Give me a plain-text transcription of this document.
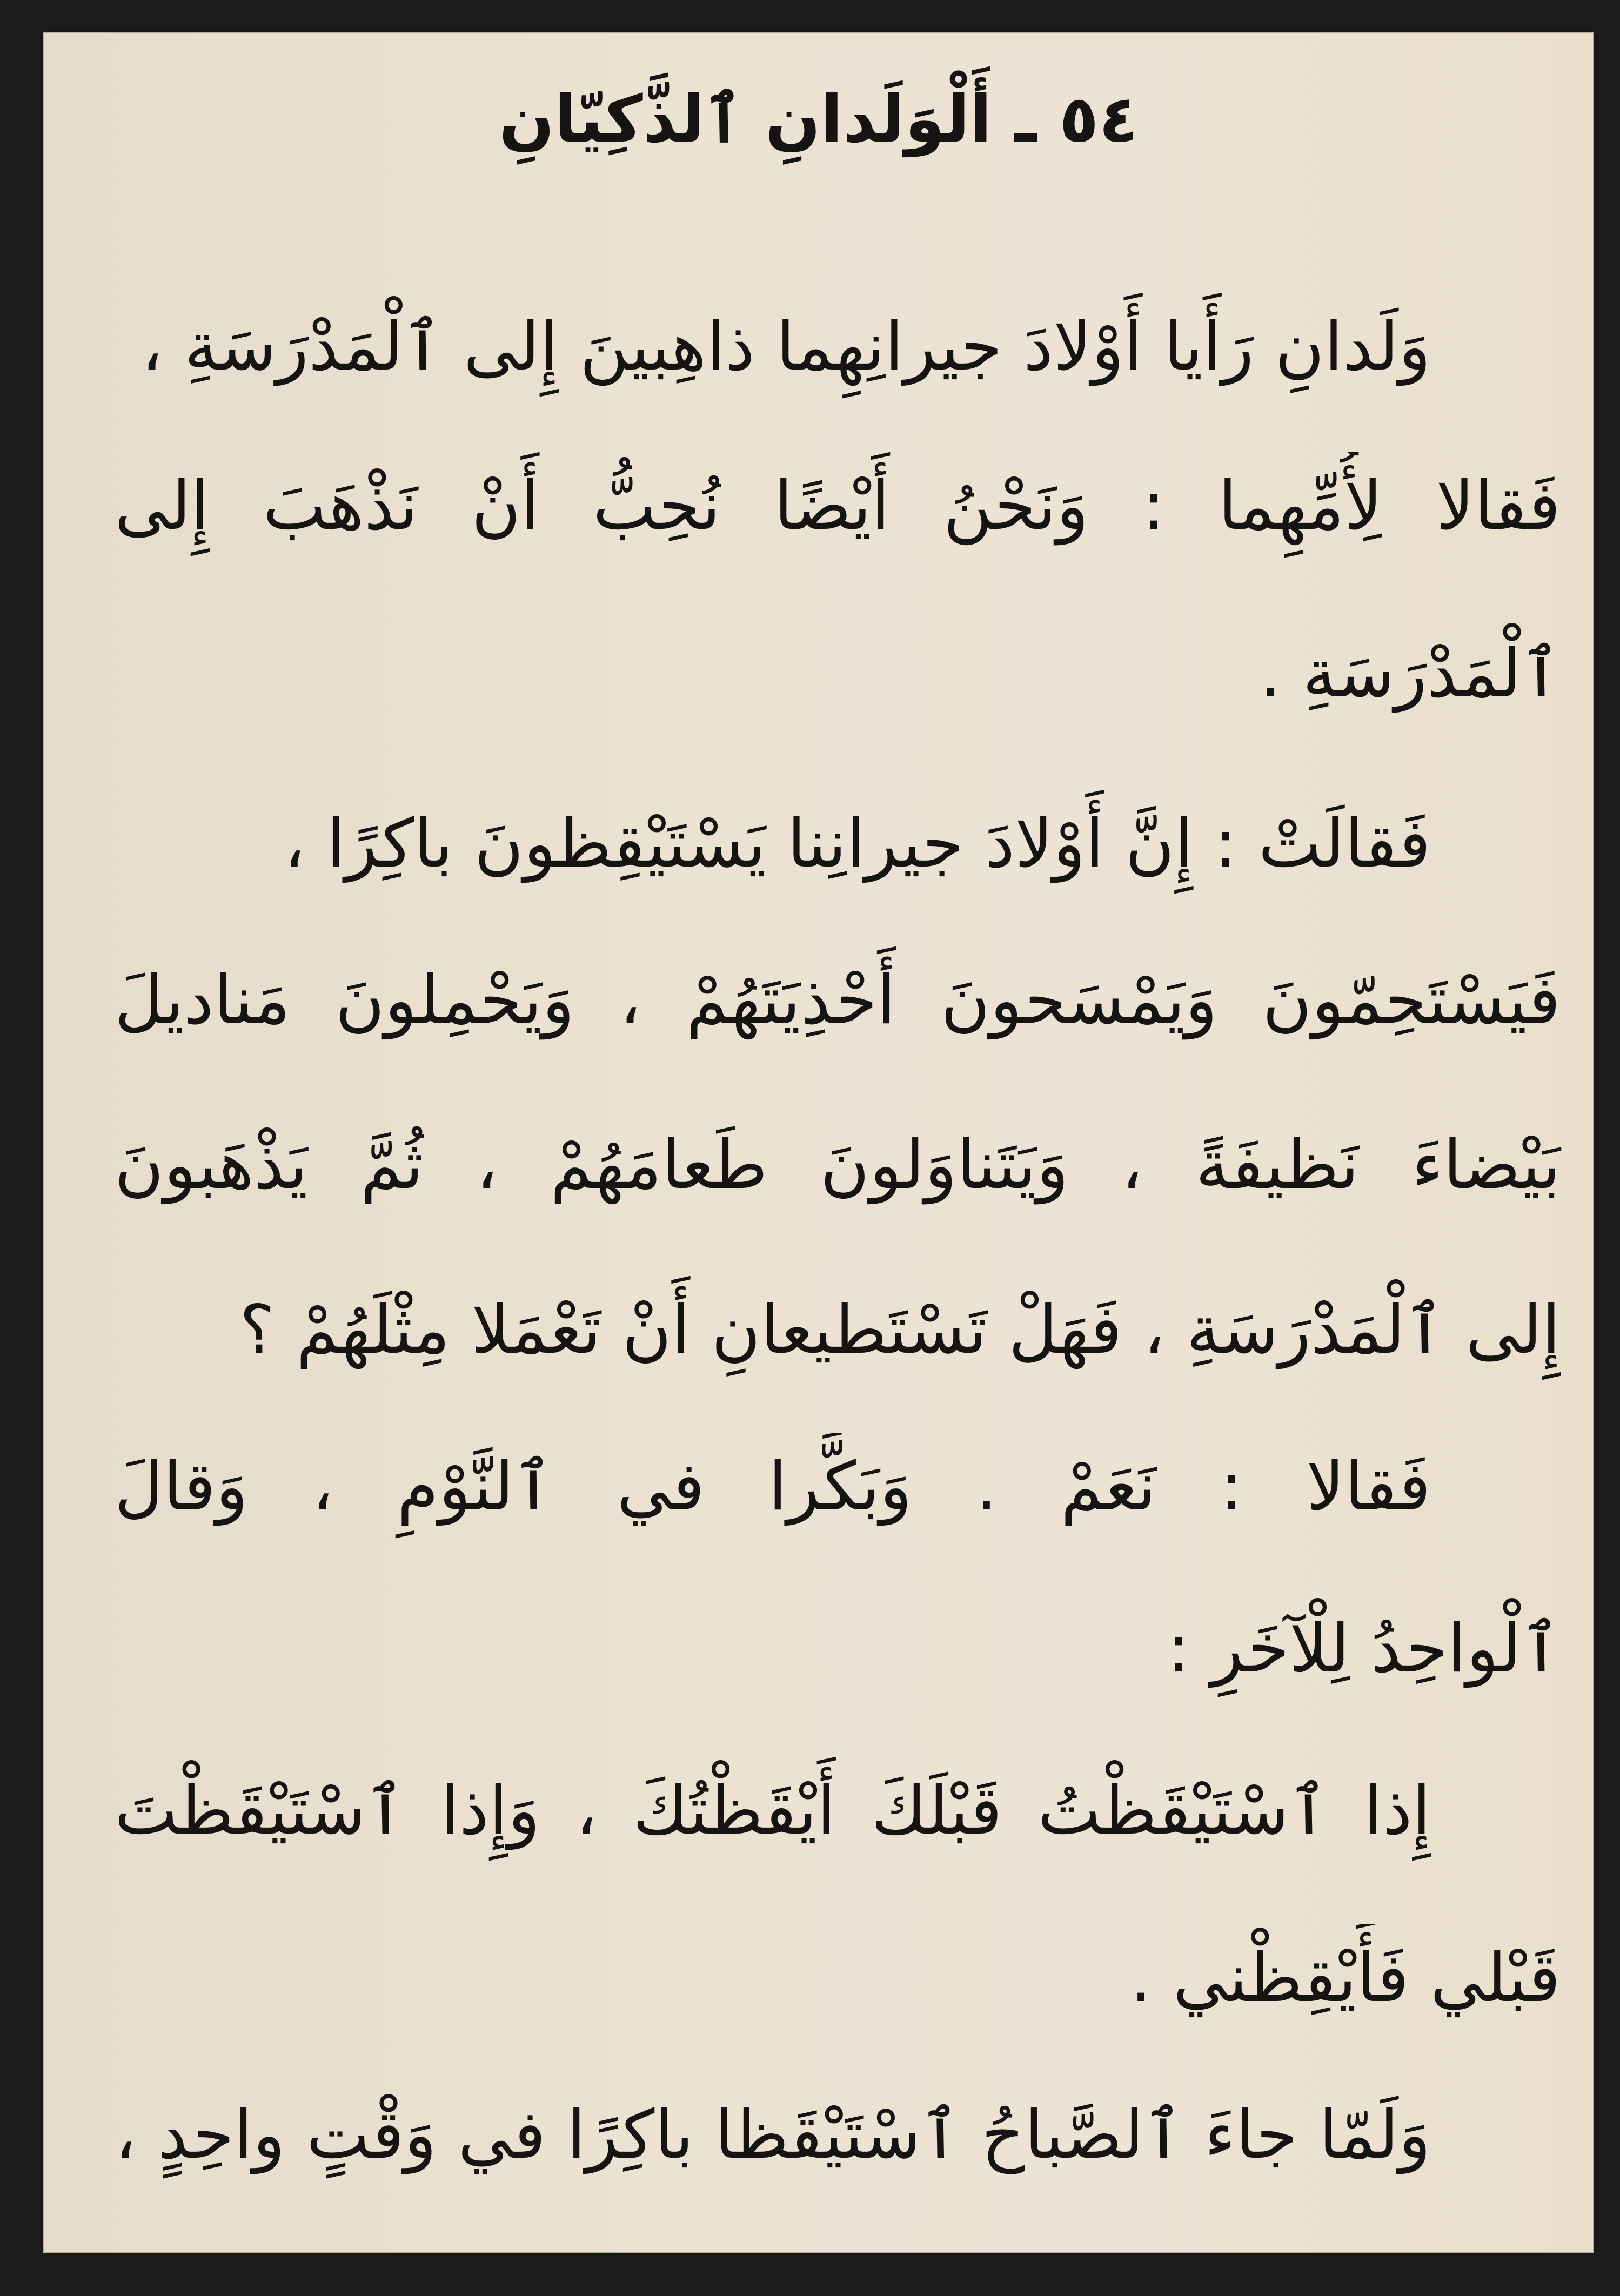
٥٤ ـ أَلْوَلَدانِ ٱلذَّكِيّانِ
وَلَدانِ رَأَيا أَوْلادَ جيرانِهِما ذاهِبينَ إِلى ٱلْمَدْرَسَةِ ،
فَقالا لِأُمِّهِما : وَنَحْنُ أَيْضًا نُحِبُّ أَنْ نَذْهَبَ إِلى
ٱلْمَدْرَسَةِ .
فَقالَتْ : إِنَّ أَوْلادَ جيرانِنا يَسْتَيْقِظونَ باكِرًا ،
فَيَسْتَحِمّونَ وَيَمْسَحونَ أَحْذِيَتَهُمْ ، وَيَحْمِلونَ مَناديلَ
بَيْضاءَ نَظيفَةً ، وَيَتَناوَلونَ طَعامَهُمْ ، ثُمَّ يَذْهَبونَ
إِلى ٱلْمَدْرَسَةِ ، فَهَلْ تَسْتَطيعانِ أَنْ تَعْمَلا مِثْلَهُمْ ؟
فَقالا : نَعَمْ . وَبَكَّرا في ٱلنَّوْمِ ، وَقالَ
ٱلْواحِدُ لِلْآخَرِ :
إِذا ٱسْتَيْقَظْتُ قَبْلَكَ أَيْقَظْتُكَ ، وَإِذا ٱسْتَيْقَظْتَ
قَبْلي فَأَيْقِظْني .
وَلَمّا جاءَ ٱلصَّباحُ ٱسْتَيْقَظا باكِرًا في وَقْتٍ واحِدٍ ،
